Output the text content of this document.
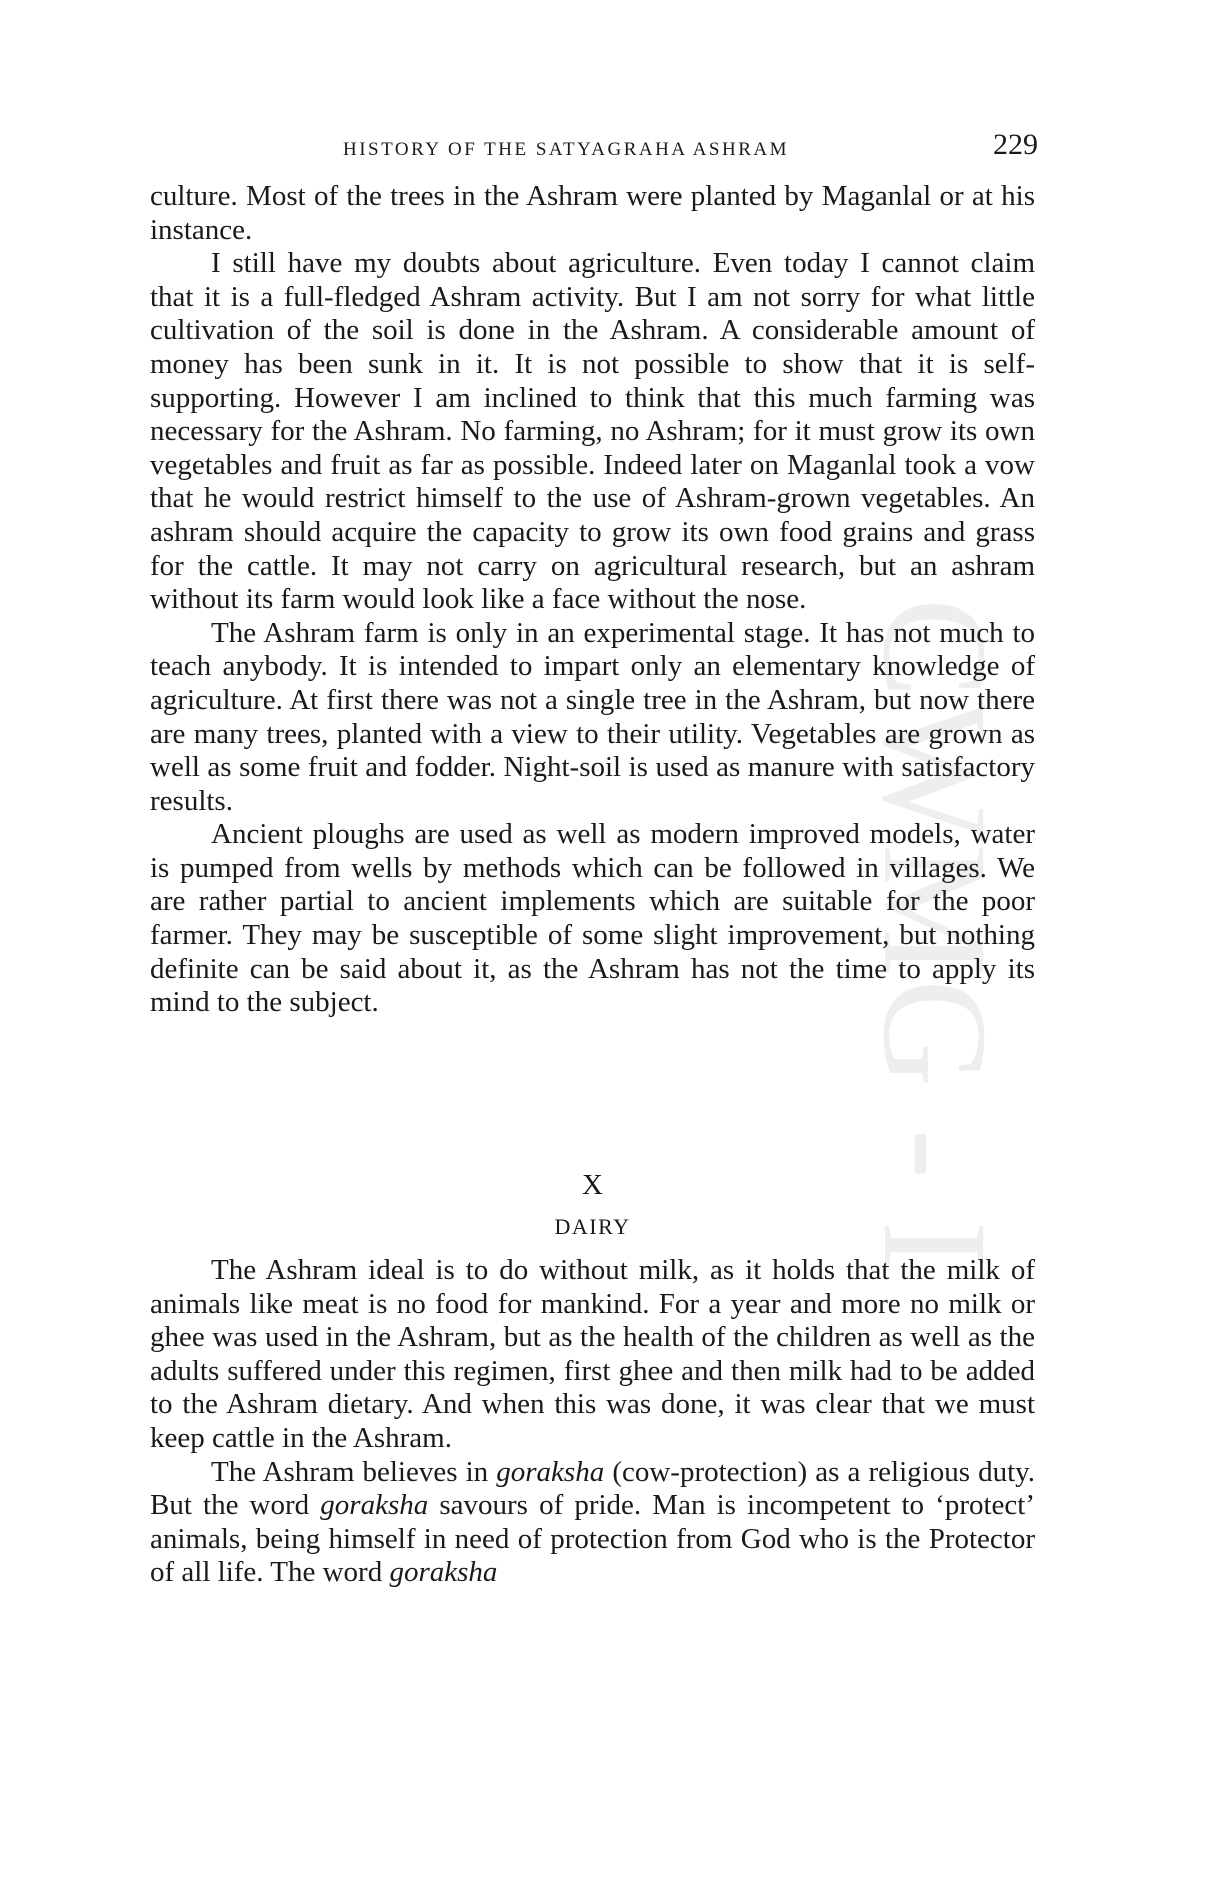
CWMG - I
HISTORY OF THE SATYAGRAHA ASHRAM	229

culture. Most of the trees in the Ashram were planted by Maganlal or at his instance.

I still have my doubts about agriculture. Even today I cannot claim that it is a full-fledged Ashram activity. But I am not sorry for what little cultivation of the soil is done in the Ashram. A considerable amount of money has been sunk in it. It is not possible to show that it is self-supporting. However I am inclined to think that this much farming was necessary for the Ashram. No farming, no Ashram; for it must grow its own vegetables and fruit as far as possible. Indeed later on Maganlal took a vow that he would restrict himself to the use of Ashram-grown vegetables. An ashram should acquire the capacity to grow its own food grains and grass for the cattle. It may not carry on agricultural research, but an ashram without its farm would look like a face without the nose.

The Ashram farm is only in an experimental stage. It has not much to teach anybody. It is intended to impart only an elementary knowledge of agriculture. At first there was not a single tree in the Ashram, but now there are many trees, planted with a view to their utility. Vegetables are grown as well as some fruit and fodder. Night-soil is used as manure with satisfactory results.

Ancient ploughs are used as well as modern improved models, water is pumped from wells by methods which can be followed in villages. We are rather partial to ancient implements which are suitable for the poor farmer. They may be susceptible of some slight improvement, but nothing definite can be said about it, as the Ashram has not the time to apply its mind to the subject.

X
DAIRY

The Ashram ideal is to do without milk, as it holds that the milk of animals like meat is no food for mankind. For a year and more no milk or ghee was used in the Ashram, but as the health of the children as well as the adults suffered under this regimen, first ghee and then milk had to be added to the Ashram dietary. And when this was done, it was clear that we must keep cattle in the Ashram.

The Ashram believes in goraksha (cow-protection) as a religious duty. But the word goraksha savours of pride. Man is incompetent to ‘protect’ animals, being himself in need of protection from God who is the Protector of all life. The word goraksha
